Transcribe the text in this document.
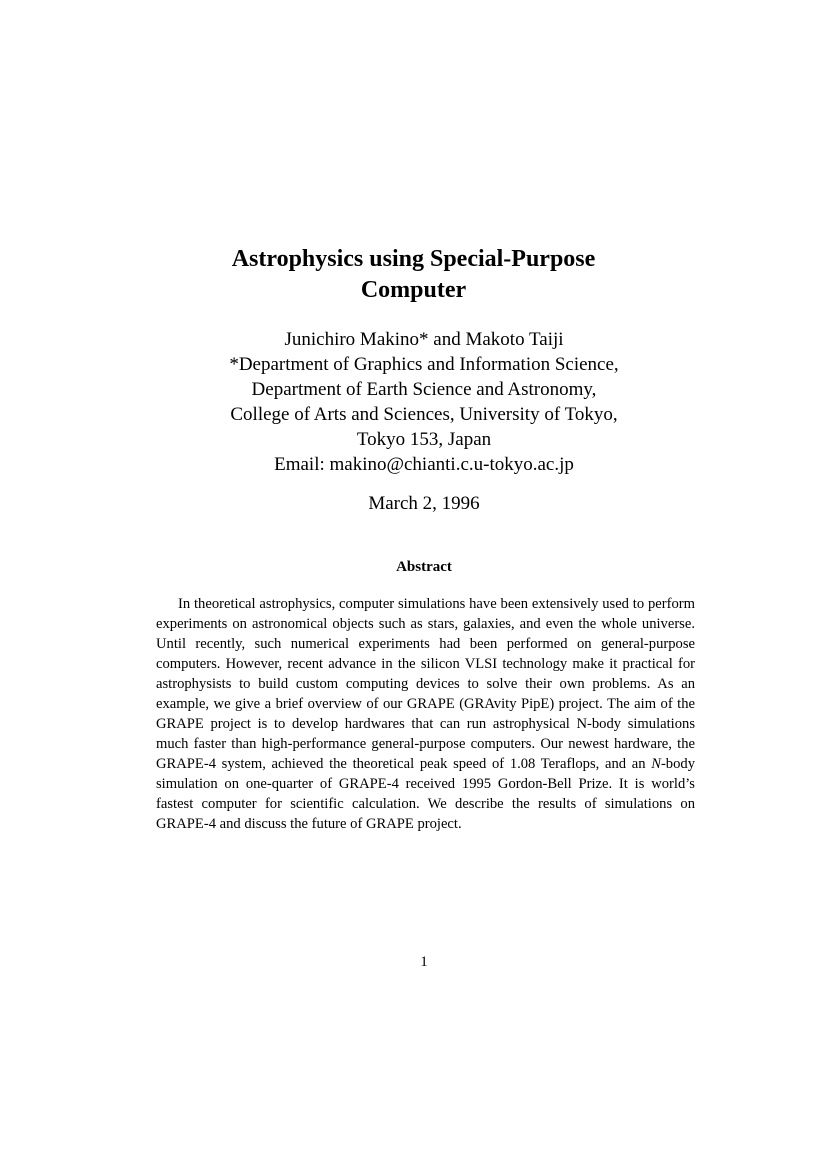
Astrophysics using Special-Purpose
Computer
Junichiro Makino* and Makoto Taiji
*Department of Graphics and Information Science,
Department of Earth Science and Astronomy,
College of Arts and Sciences, University of Tokyo,
Tokyo 153, Japan
Email: makino@chianti.c.u-tokyo.ac.jp
March 2, 1996
Abstract

In theoretical astrophysics, computer simulations have been extensively used to perform experiments on astronomical objects such as stars, galaxies, and even the whole universe. Until recently, such numerical experiments had been performed on general-purpose computers. However, recent advance in the silicon VLSI technology make it practical for astrophysists to build custom computing devices to solve their own problems. As an example, we give a brief overview of our GRAPE (GRAvity PipE) project. The aim of the GRAPE project is to develop hardwares that can run astrophysical N-body simulations much faster than high-performance general-purpose computers. Our newest hardware, the GRAPE-4 system, achieved the theoretical peak speed of 1.08 Teraflops, and an N-body simulation on one-quarter of GRAPE-4 received 1995 Gordon-Bell Prize. It is world’s fastest computer for scientific calculation. We describe the results of simulations on GRAPE-4 and discuss the future of GRAPE project.

1
